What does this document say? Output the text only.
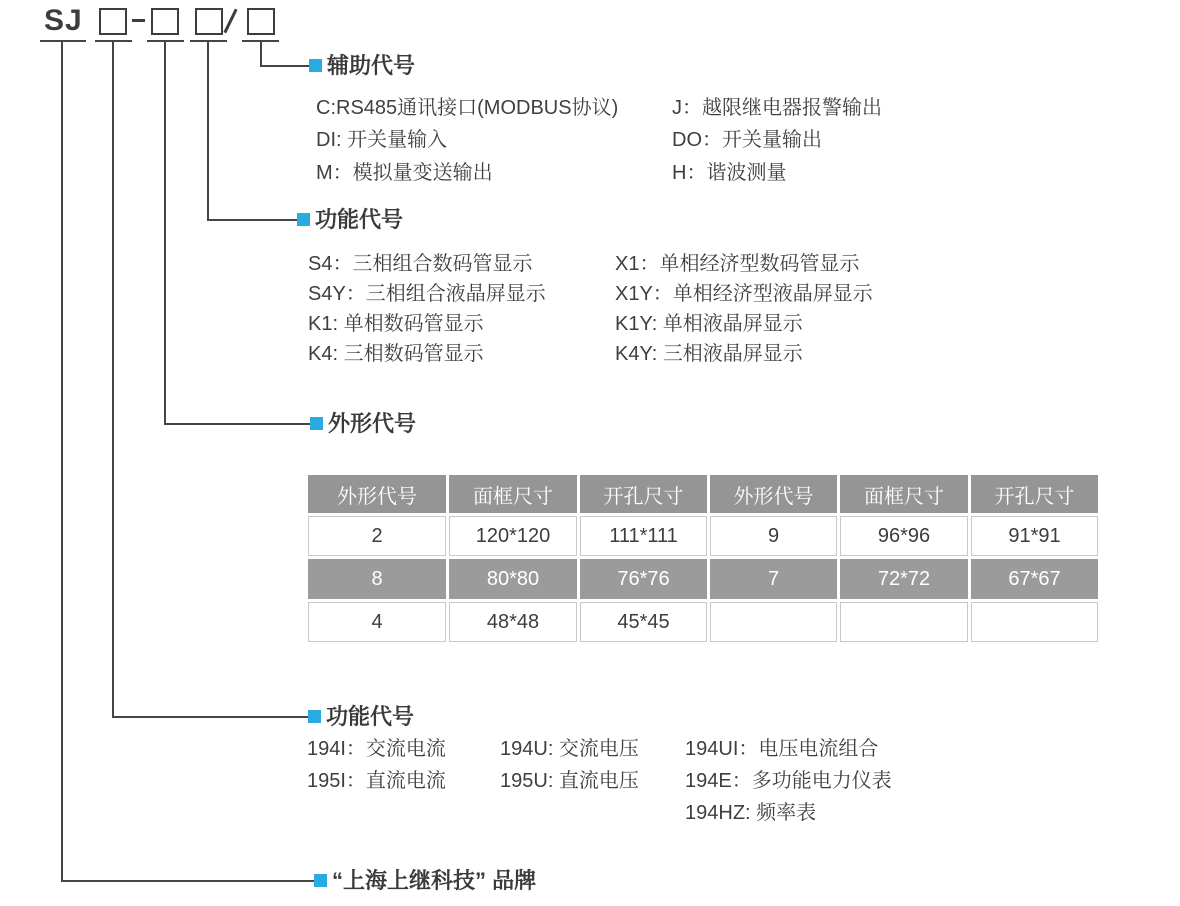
SJ
辅助代号
C:RS485通讯接口(MODBUS协议)
DI: 开关量输入
M：模拟量变送输出
J：越限继电器报警输出
DO：开关量输出
H：谐波测量
功能代号
S4：三相组合数码管显示
S4Y：三相组合液晶屏显示
K1: 单相数码管显示
K4: 三相数码管显示
X1：单相经济型数码管显示
X1Y：单相经济型液晶屏显示
K1Y: 单相液晶屏显示
K4Y: 三相液晶屏显示
外形代号
外形代号	面框尺寸	开孔尺寸	外形代号	面框尺寸	开孔尺寸
2	120*120	111*111	9	96*96	91*91
8	80*80	76*76	7	72*72	67*67
4	48*48	45*45			
功能代号
194I：交流电流
195I：直流电流
194U: 交流电压
195U: 直流电压
194UI：电压电流组合
194E：多功能电力仪表
194HZ: 频率表
“上海上继科技” 品牌
